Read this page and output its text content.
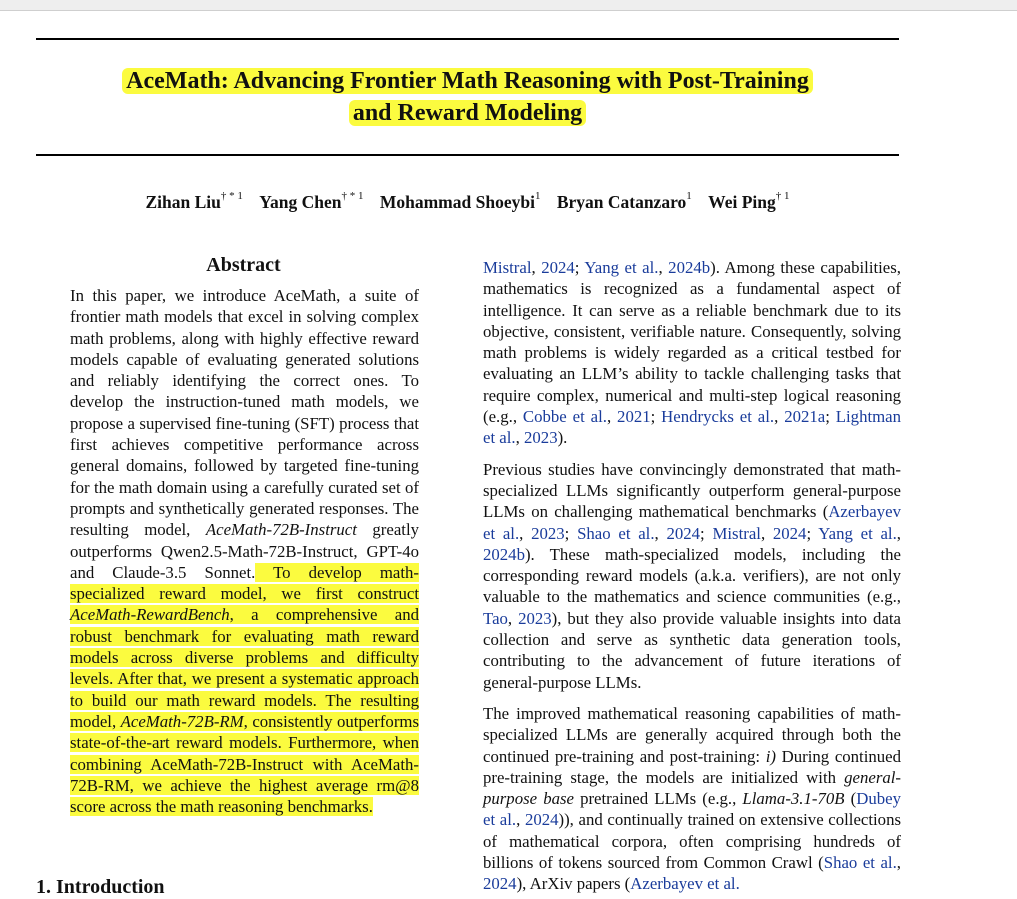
AceMath: Advancing Frontier Math Reasoning with Post-Training
and Reward Modeling
Zihan Liu$^{\dagger * 1}$ Yang Chen$^{\dagger * 1}$ Mohammad Shoeybi$^1$ Bryan Catanzaro$^1$ Wei Ping$^{\dagger 1}$
Abstract

In this paper, we introduce AceMath, a suite of frontier math models that excel in solving complex math problems, along with highly effective reward models capable of evaluating generated solutions and reliably identifying the correct ones. To develop the instruction-tuned math models, we propose a supervised fine-tuning (SFT) process that first achieves competitive performance across general domains, followed by targeted fine-tuning for the math domain using a carefully curated set of prompts and synthetically generated responses. The resulting model, AceMath-72B-Instruct greatly outperforms Qwen2.5-Math-72B-Instruct, GPT-4o and Claude-3.5 Sonnet. To develop math-specialized reward model, we first construct AceMath-RewardBench, a comprehensive and robust benchmark for evaluating math reward models across diverse problems and difficulty levels. After that, we present a systematic approach to build our math reward models. The resulting model, AceMath-72B-RM, consistently outperforms state-of-the-art reward models. Furthermore, when combining AceMath-72B-Instruct with AceMath-72B-RM, we achieve the highest average rm@8 score across the math reasoning benchmarks.

Mistral, 2024; Yang et al., 2024b). Among these capabilities, mathematics is recognized as a fundamental aspect of intelligence. It can serve as a reliable benchmark due to its objective, consistent, verifiable nature. Consequently, solving math problems is widely regarded as a critical testbed for evaluating an LLM’s ability to tackle challenging tasks that require complex, numerical and multi-step logical reasoning (e.g., Cobbe et al., 2021; Hendrycks et al., 2021a; Lightman et al., 2023).

Previous studies have convincingly demonstrated that math-specialized LLMs significantly outperform general-purpose LLMs on challenging mathematical benchmarks (Azerbayev et al., 2023; Shao et al., 2024; Mistral, 2024; Yang et al., 2024b). These math-specialized models, including the corresponding reward models (a.k.a. verifiers), are not only valuable to the mathematics and science communities (e.g., Tao, 2023), but they also provide valuable insights into data collection and serve as synthetic data generation tools, contributing to the advancement of future iterations of general-purpose LLMs.

The improved mathematical reasoning capabilities of math-specialized LLMs are generally acquired through both the continued pre-training and post-training: i) During continued pre-training stage, the models are initialized with general-purpose base pretrained LLMs (e.g., Llama-3.1-70B (Dubey et al., 2024)), and continually trained on extensive collections of mathematical corpora, often comprising hundreds of billions of tokens sourced from Common Crawl (Shao et al., 2024), ArXiv papers (Azerbayev et al.

1. Introduction
